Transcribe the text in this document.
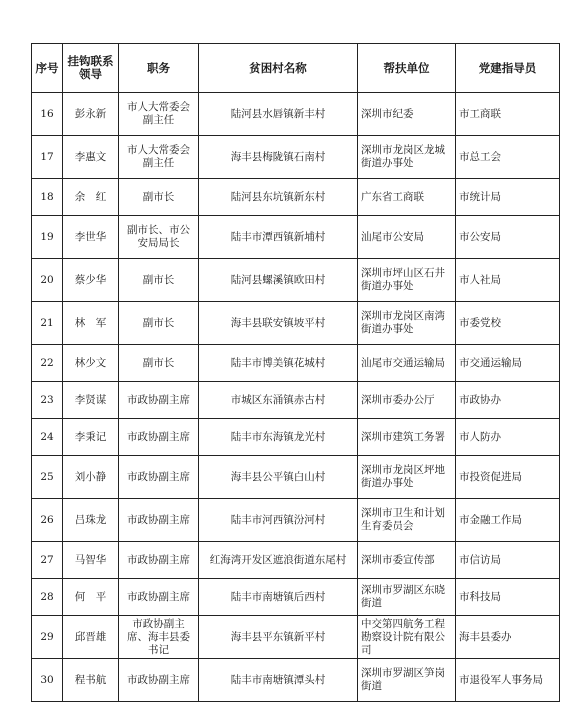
序号	挂钩联系领导	职务	贫困村名称	帮扶单位	党建指导员
16	彭永新	市人大常委会副主任	陆河县水唇镇新丰村	深圳市纪委	市工商联
17	李惠文	市人大常委会副主任	海丰县梅陇镇石南村	深圳市龙岗区龙城街道办事处	市总工会
18	余　红	副市长	陆河县东坑镇新东村	广东省工商联	市统计局
19	李世华	副市长、市公安局局长	陆丰市潭西镇新埔村	汕尾市公安局	市公安局
20	蔡少华	副市长	陆河县螺溪镇欧田村	深圳市坪山区石井街道办事处	市人社局
21	林　军	副市长	海丰县联安镇坡平村	深圳市龙岗区南湾街道办事处	市委党校
22	林少文	副市长	陆丰市博美镇花城村	汕尾市交通运输局	市交通运输局
23	李贤谋	市政协副主席	市城区东涌镇赤古村	深圳市委办公厅	市政协办
24	李秉记	市政协副主席	陆丰市东海镇龙光村	深圳市建筑工务署	市人防办
25	刘小静	市政协副主席	海丰县公平镇白山村	深圳市龙岗区坪地街道办事处	市投资促进局
26	吕珠龙	市政协副主席	陆丰市河西镇汾河村	深圳市卫生和计划生育委员会	市金融工作局
27	马智华	市政协副主席	红海湾开发区遮浪街道东尾村	深圳市委宣传部	市信访局
28	何　平	市政协副主席	陆丰市南塘镇后西村	深圳市罗湖区东晓街道	市科技局
29	邱晋雄	市政协副主席、海丰县委书记	海丰县平东镇新平村	中交第四航务工程勘察设计院有限公司	海丰县委办
30	程书航	市政协副主席	陆丰市南塘镇潭头村	深圳市罗湖区笋岗街道	市退役军人事务局
